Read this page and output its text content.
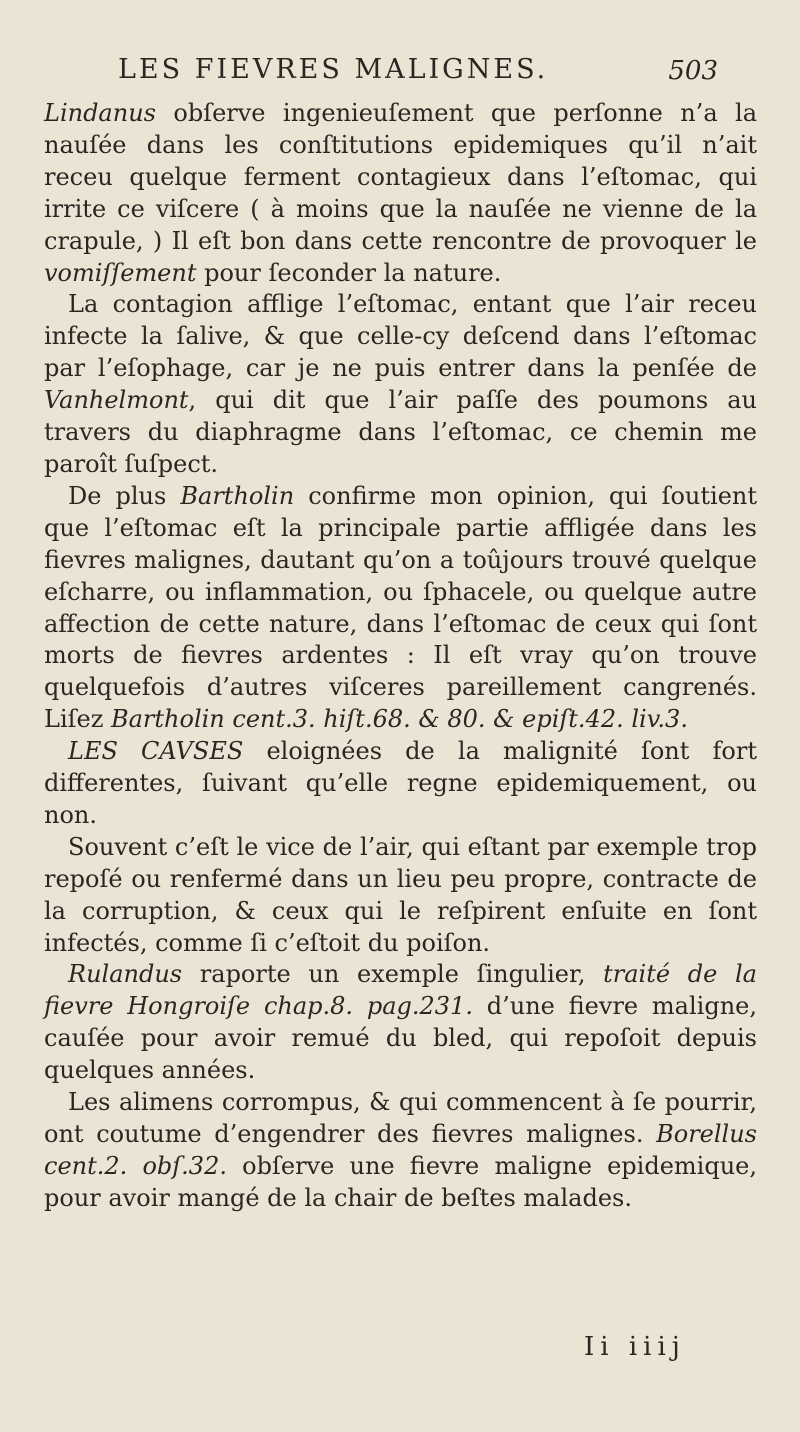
LES FIEVRES MALIGNES.	503

Lindanus obſerve ingenieuſement que perſonne n’a la nauſée dans les conſtitutions epidemiques qu’il n’ait receu quelque ferment contagieux dans l’eſtomac, qui irrite ce viſcere ( à moins que la nauſée ne vienne de la crapule, ) Il eſt bon dans cette rencontre de provoquer le vomiſſement pour ſeconder la nature.

La contagion afflige l’eſtomac, entant que l’air receu infecte la ſalive, & que celle-cy deſcend dans l’eſtomac par l’eſophage, car je ne puis entrer dans la penſée de Vanhelmont, qui dit que l’air paſſe des poumons au travers du diaphragme dans l’eſtomac, ce chemin me paroît ſuſpect.

De plus Bartholin confirme mon opinion, qui ſoutient que l’eſtomac eſt la principale partie affligée dans les fievres malignes, dautant qu’on a toûjours trouvé quelque eſcharre, ou inflammation, ou ſphacele, ou quelque autre affection de cette nature, dans l’eſtomac de ceux qui ſont morts de fievres ardentes : Il eſt vray qu’on trouve quelquefois d’autres viſceres pareillement cangrenés. Liſez Bartholin cent.3. hiſt.68. & 80. & epiſt.42. liv.3.

LES CAVSES eloignées de la malignité ſont fort differentes, ſuivant qu’elle regne epidemiquement, ou non.

Souvent c’eſt le vice de l’air, qui eſtant par exemple trop repoſé ou renfermé dans un lieu peu propre, contracte de la corruption, & ceux qui le reſpirent enſuite en ſont infectés, comme ſi c’eſtoit du poiſon.

Rulandus raporte un exemple ſingulier, traité de la fievre Hongroiſe chap.8. pag.231. d’une fievre maligne, cauſée pour avoir remué du bled, qui repoſoit depuis quelques années.

Les alimens corrompus, & qui commencent à ſe pourrir, ont coutume d’engendrer des fievres malignes. Borellus cent.2. obſ.32. obſerve une fievre maligne epidemique, pour avoir mangé de la chair de beſtes malades.

Ii iiij
